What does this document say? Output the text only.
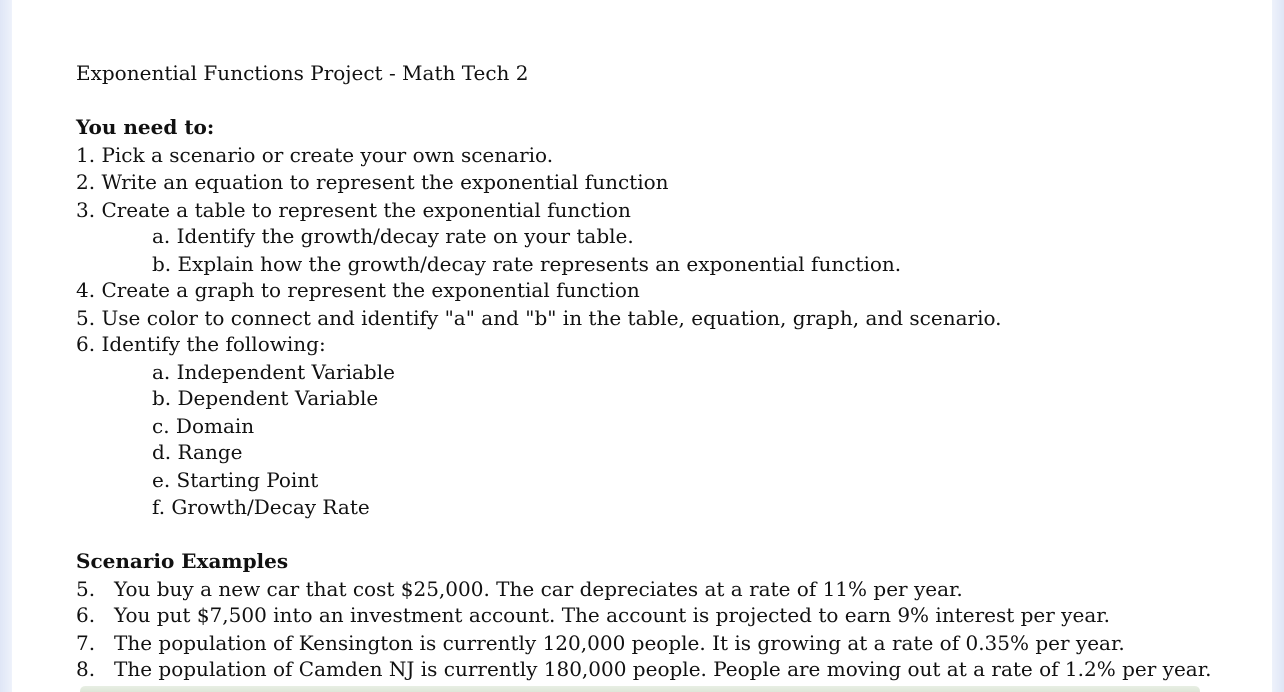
Exponential Functions Project - Math Tech 2
You need to:
1. Pick a scenario or create your own scenario.
2. Write an equation to represent the exponential function
3. Create a table to represent the exponential function
a. Identify the growth/decay rate on your table.
b. Explain how the growth/decay rate represents an exponential function.
4. Create a graph to represent the exponential function
5. Use color to connect and identify "a" and "b" in the table, equation, graph, and scenario.
6. Identify the following:
a. Independent Variable
b. Dependent Variable
c. Domain
d. Range
e. Starting Point
f. Growth/Decay Rate
Scenario Examples
5. You buy a new car that cost $25,000. The car depreciates at a rate of 11% per year.
6. You put $7,500 into an investment account. The account is projected to earn 9% interest per year.
7. The population of Kensington is currently 120,000 people. It is growing at a rate of 0.35% per year.
8. The population of Camden NJ is currently 180,000 people. People are moving out at a rate of 1.2% per year.
